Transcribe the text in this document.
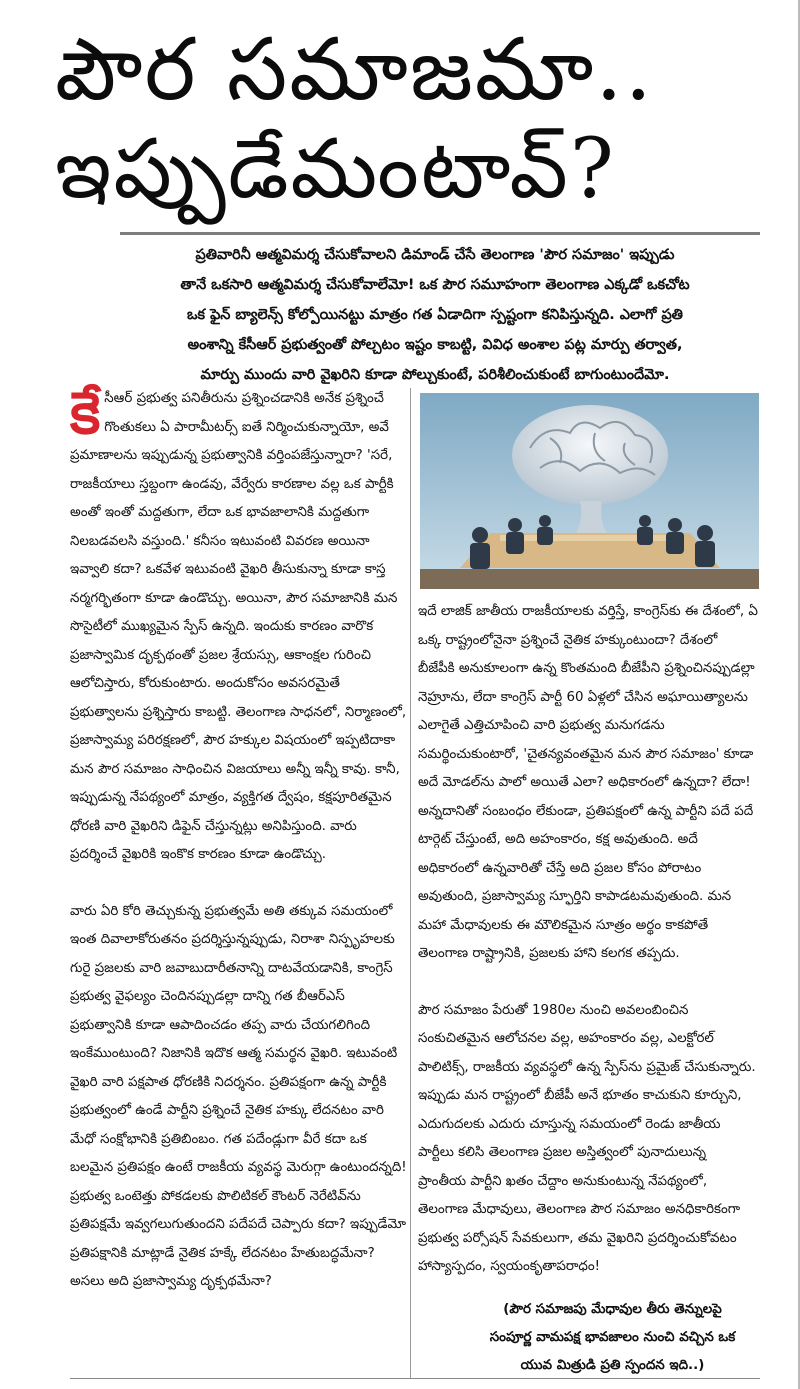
పౌర సమాజమా..
ఇప్పుడేమంటావ్?
ప్రతివారినీ ఆత్మవిమర్శ చేసుకోవాలని డిమాండ్ చేసే తెలంగాణ 'పౌర సమాజం' ఇప్పుడు
తానే ఒకసారి ఆత్మవిమర్శ చేసుకోవాలేమో! ఒక పౌర సమూహంగా తెలంగాణ ఎక్కడో ఒకచోట
ఒక ఫైన్ బ్యాలెన్స్ కోల్పోయినట్టు మాత్రం గత ఏడాదిగా స్పష్టంగా కనిపిస్తున్నది. ఎలాగో ప్రతి
అంశాన్ని కేసీఆర్ ప్రభుత్వంతో పోల్చటం ఇష్టం కాబట్టి, వివిధ అంశాల పట్ల మార్పు తర్వాత,
మార్పు ముందు వారి వైఖరిని కూడా పోల్చుకుంటే, పరిశీలించుకుంటే బాగుంటుందేమో.

కే సీఆర్ ప్రభుత్వ పనితీరును ప్రశ్నించడానికి అనేక ప్రశ్నించే గొంతుకలు ఏ పారామీటర్స్ ఐతే నిర్మించుకున్నాయో, అవే ప్రమాణాలను ఇప్పుడున్న ప్రభుత్వానికి వర్తింపజేస్తున్నారా? 'సరే, రాజకీయాలు స్తబ్దంగా ఉండవు, వేర్వేరు కారణాల వల్ల ఒక పార్టీకి అంతో ఇంతో మద్దతుగా, లేదా ఒక భావజాలానికి మద్దతుగా నిలబడవలసి వస్తుంది.' కనీసం ఇటువంటి వివరణ అయినా ఇవ్వాలి కదా? ఒకవేళ ఇటువంటి వైఖరి తీసుకున్నా కూడా కాస్త నర్మగర్భితంగా కూడా ఉండొచ్చు. అయినా, పౌర సమాజానికి మన సొసైటీలో ముఖ్యమైన స్పేస్ ఉన్నది. ఇందుకు కారణం వారొక ప్రజాస్వామిక దృక్పథంతో ప్రజల శ్రేయస్సు, ఆకాంక్షల గురించి ఆలోచిస్తారు, కోరుకుంటారు. అందుకోసం అవసరమైతే ప్రభుత్వాలను ప్రశ్నిస్తారు కాబట్టి. తెలంగాణ సాధనలో, నిర్మాణంలో, ప్రజాస్వామ్య పరిరక్షణలో, పౌర హక్కుల విషయంలో ఇప్పటిదాకా మన పౌర సమాజం సాధించిన విజయాలు అన్నీ ఇన్నీ కావు. కానీ, ఇప్పుడున్న నేపథ్యంలో మాత్రం, వ్యక్తిగత ద్వేషం, కక్షపూరితమైన ధోరణి వారి వైఖరిని డిఫైన్ చేస్తున్నట్లు అనిపిస్తుంది. వారు ప్రదర్శించే వైఖరికి ఇంకొక కారణం కూడా ఉండొచ్చు.

వారు ఏరి కోరి తెచ్చుకున్న ప్రభుత్వమే అతి తక్కువ సమయంలో ఇంత దివాలాకోరుతనం ప్రదర్శిస్తున్నప్పుడు, నిరాశా నిస్పృహలకు గురై ప్రజలకు వారి జవాబుదారీతనాన్ని దాటవేయడానికి, కాంగ్రెస్ ప్రభుత్వ వైఫల్యం చెందినప్పుడల్లా దాన్ని గత బీఆర్ఎస్ ప్రభుత్వానికి కూడా ఆపాదించడం తప్ప వారు చేయగలిగింది ఇంకేముంటుంది? నిజానికి ఇదొక ఆత్మ సమర్థన వైఖరి. ఇటువంటి వైఖరి వారి పక్షపాత ధోరణికి నిదర్శనం. ప్రతిపక్షంగా ఉన్న పార్టీకి ప్రభుత్వంలో ఉండే పార్టీని ప్రశ్నించే నైతిక హక్కు లేదనటం వారి మేధో సంక్షోభానికి ప్రతిబింబం. గత పదేండ్లుగా వీరే కదా ఒక బలమైన ప్రతిపక్షం ఉంటే రాజకీయ వ్యవస్థ మెరుగ్గా ఉంటుందన్నది! ప్రభుత్వ ఒంటెత్తు పోకడలకు పొలిటికల్ కౌంటర్ నెరేటివ్‌ను ప్రతిపక్షమే ఇవ్వగలుగుతుందని పదేపదే చెప్పారు కదా? ఇప్పుడేమో ప్రతిపక్షానికి మాట్లాడే నైతిక హక్కే లేదనటం హేతుబద్ధమేనా? అసలు అది ప్రజాస్వామ్య దృక్పథమేనా?

ఇదే లాజిక్ జాతీయ రాజకీయాలకు వర్తిస్తే, కాంగ్రెస్‌కు ఈ దేశంలో, ఏ ఒక్క రాష్ట్రంలోనైనా ప్రశ్నించే నైతిక హక్కుంటుందా? దేశంలో బీజేపీకి అనుకూలంగా ఉన్న కొంతమంది బీజేపీని ప్రశ్నించినప్పుడల్లా నెహ్రూను, లేదా కాంగ్రెస్ పార్టీ 60 ఏళ్లలో చేసిన అఘాయిత్యాలను ఎలాగైతే ఎత్తిచూపించి వారి ప్రభుత్వ మనుగడను సమర్థించుకుంటారో, 'చైతన్యవంతమైన మన పౌర సమాజం' కూడా అదే మోడల్‌ను పాలో అయితే ఎలా? అధికారంలో ఉన్నదా? లేదా! అన్నదానితో సంబంధం లేకుండా, ప్రతిపక్షంలో ఉన్న పార్టీని పదే పదే టార్గెట్ చేస్తుంటే, అది అహంకారం, కక్ష అవుతుంది. అదే అధికారంలో ఉన్నవారితో చేస్తే అది ప్రజల కోసం పోరాటం అవుతుంది, ప్రజాస్వామ్య స్ఫూర్తిని కాపాడటమవుతుంది. మన మహా మేధావులకు ఈ మౌలికమైన సూత్రం అర్థం కాకపోతే తెలంగాణ రాష్ట్రానికి, ప్రజలకు హాని కలగక తప్పదు.

పౌర సమాజం పేరుతో 1980ల నుంచి అవలంబించిన సంకుచితమైన ఆలోచనల వల్ల, అహంకారం వల్ల, ఎలక్టోరల్ పాలిటిక్స్, రాజకీయ వ్యవస్థలో ఉన్న స్పేస్‌ను ప్రమైజ్ చేసుకున్నారు. ఇప్పుడు మన రాష్ట్రంలో బీజేపీ అనే భూతం కాచుకుని కూర్చుని, ఎదుగుదలకు ఎదురు చూస్తున్న సమయంలో రెండు జాతీయ పార్టీలు కలిసి తెలంగాణ ప్రజల అస్తిత్వంలో పునాదులున్న ప్రాంతీయ పార్టీని ఖతం చేద్దాం అనుకుంటున్న నేపథ్యంలో, తెలంగాణ మేధావులు, తెలంగాణ పౌర సమాజం అనధికారికంగా ప్రభుత్వ పర్సోషన్ సేవకులుగా, తమ వైఖరిని ప్రదర్శించుకోవటం హాస్యాస్పదం, స్వయంకృతాపరాధం!

(పౌర సమాజపు మేధావుల తీరు తెన్నులపై
సంపూర్ణ వామపక్ష భావజాలం నుంచి వచ్చిన ఒక
యువ మిత్రుడి ప్రతి స్పందన ఇది..)
